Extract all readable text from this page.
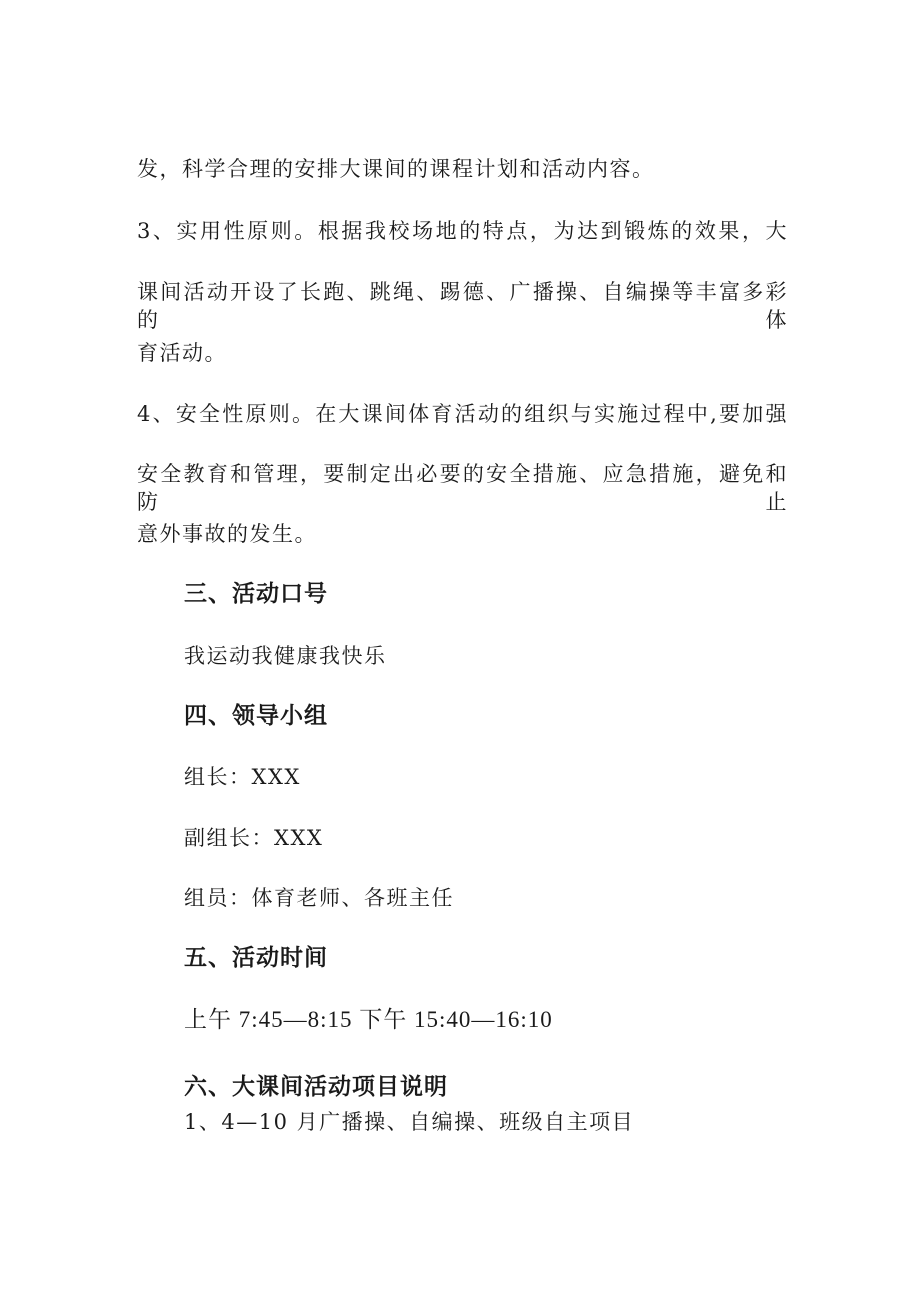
发，科学合理的安排大课间的课程计划和活动内容。
3、实用性原则。根据我校场地的特点，为达到锻炼的效果，大
课间活动开设了长跑、跳绳、踢德、广播操、自编操等丰富多彩的体
育活动。
4、安全性原则。在大课间体育活动的组织与实施过程中,要加强
安全教育和管理，要制定出必要的安全措施、应急措施，避免和防止
意外事故的发生。
三、活动口号
我运动我健康我快乐
四、领导小组
组长：XXX
副组长：XXX
组员：体育老师、各班主任
五、活动时间
上午 7:45—8:15 下午 15:40—16:10
六、大课间活动项目说明
1、4—10 月广播操、自编操、班级自主项目
